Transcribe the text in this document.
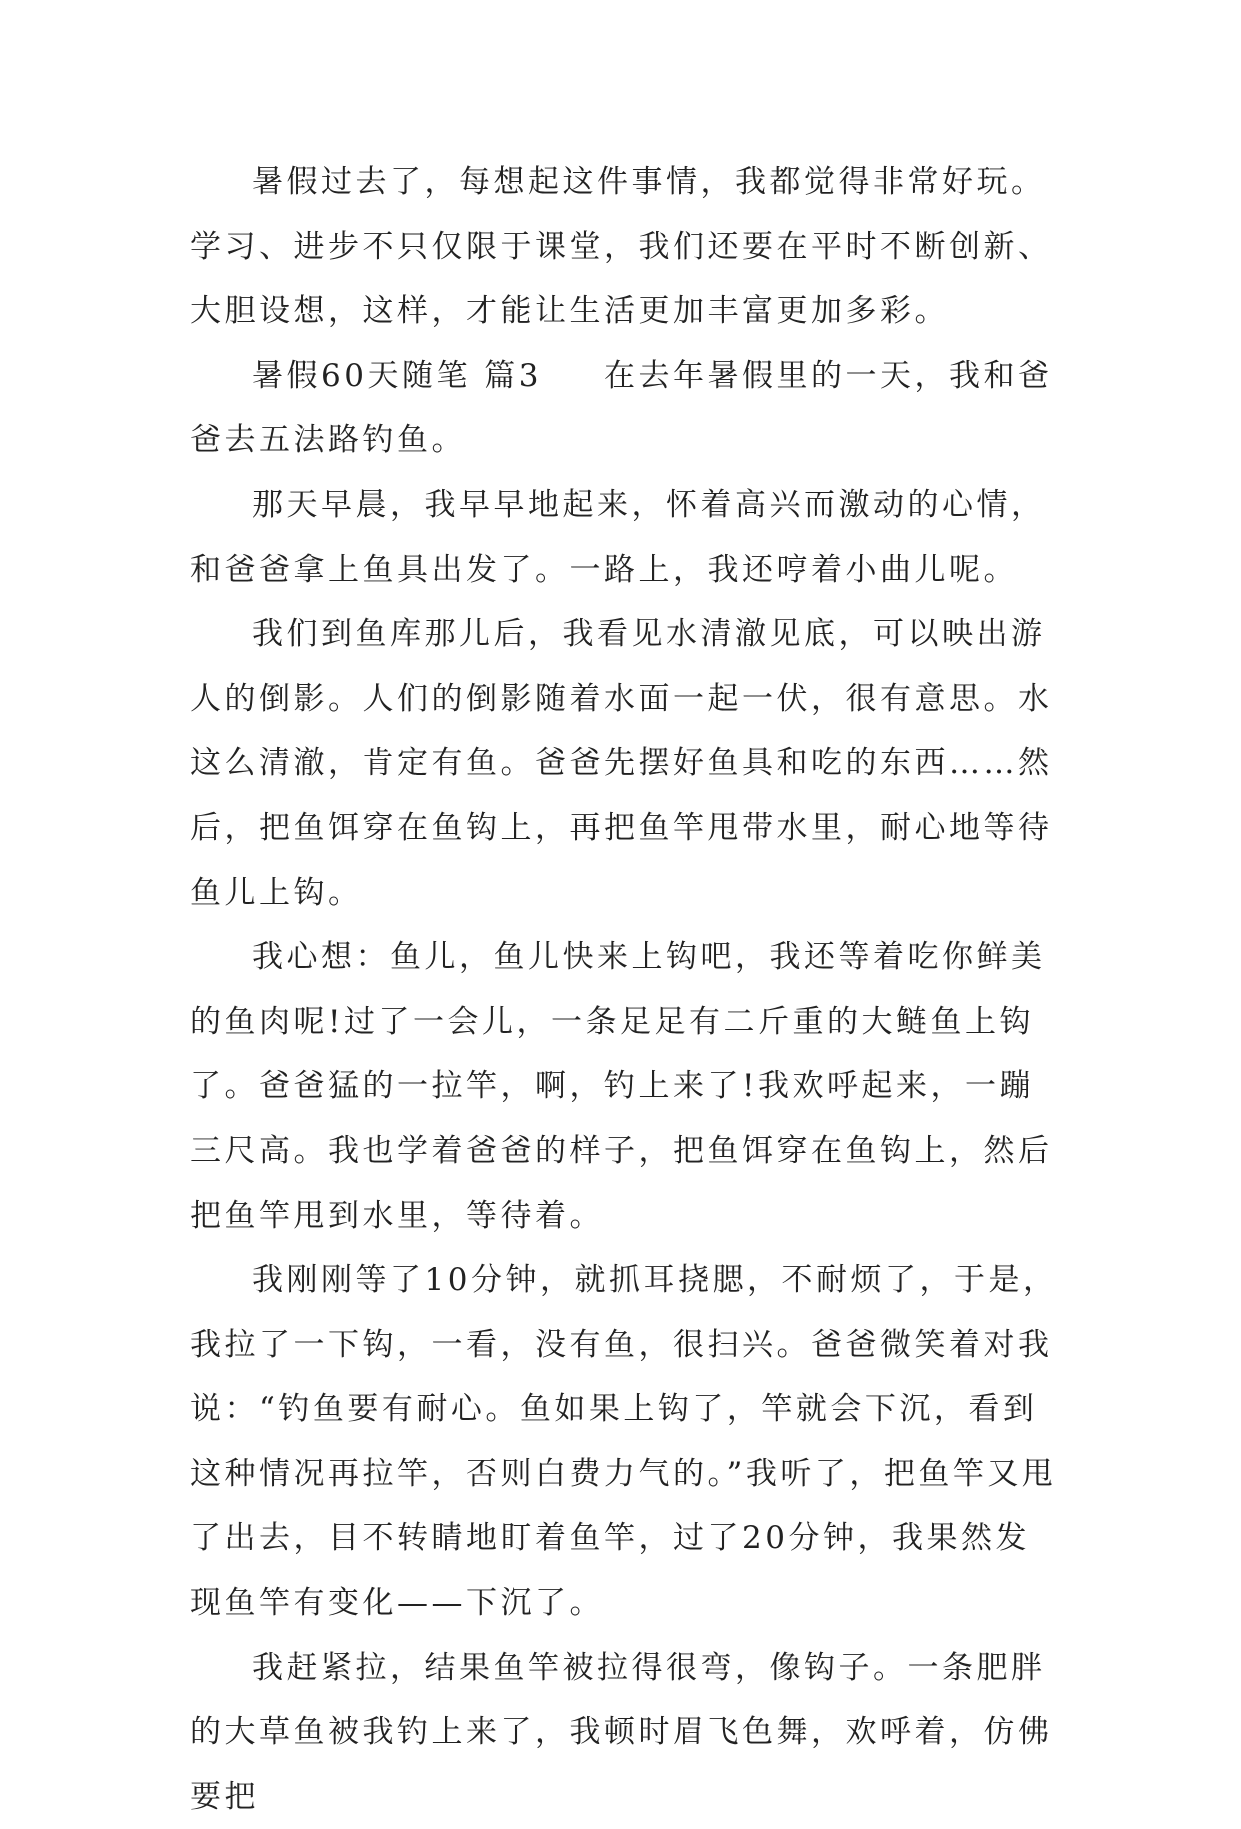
暑假过去了，每想起这件事情，我都觉得非常好玩。学习、进步不只仅限于课堂，我们还要在平时不断创新、大胆设想，这样，才能让生活更加丰富更加多彩。

暑假60天随笔 篇3 在去年暑假里的一天，我和爸爸去五法路钓鱼。

那天早晨，我早早地起来，怀着高兴而激动的心情，和爸爸拿上鱼具出发了。一路上，我还哼着小曲儿呢。

我们到鱼库那儿后，我看见水清澈见底，可以映出游人的倒影。人们的倒影随着水面一起一伏，很有意思。水这么清澈，肯定有鱼。爸爸先摆好鱼具和吃的东西……然后，把鱼饵穿在鱼钩上，再把鱼竿甩带水里，耐心地等待鱼儿上钩。

我心想：鱼儿，鱼儿快来上钩吧，我还等着吃你鲜美的鱼肉呢!过了一会儿，一条足足有二斤重的大鲢鱼上钩了。爸爸猛的一拉竿，啊，钓上来了!我欢呼起来，一蹦三尺高。我也学着爸爸的样子，把鱼饵穿在鱼钩上，然后把鱼竿甩到水里，等待着。

我刚刚等了10分钟，就抓耳挠腮，不耐烦了，于是，我拉了一下钩，一看，没有鱼，很扫兴。爸爸微笑着对我说：“钓鱼要有耐心。鱼如果上钩了，竿就会下沉，看到这种情况再拉竿，否则白费力气的。”我听了，把鱼竿又甩了出去，目不转睛地盯着鱼竿，过了20分钟，我果然发现鱼竿有变化——下沉了。

我赶紧拉，结果鱼竿被拉得很弯，像钩子。一条肥胖的大草鱼被我钓上来了，我顿时眉飞色舞，欢呼着，仿佛要把
